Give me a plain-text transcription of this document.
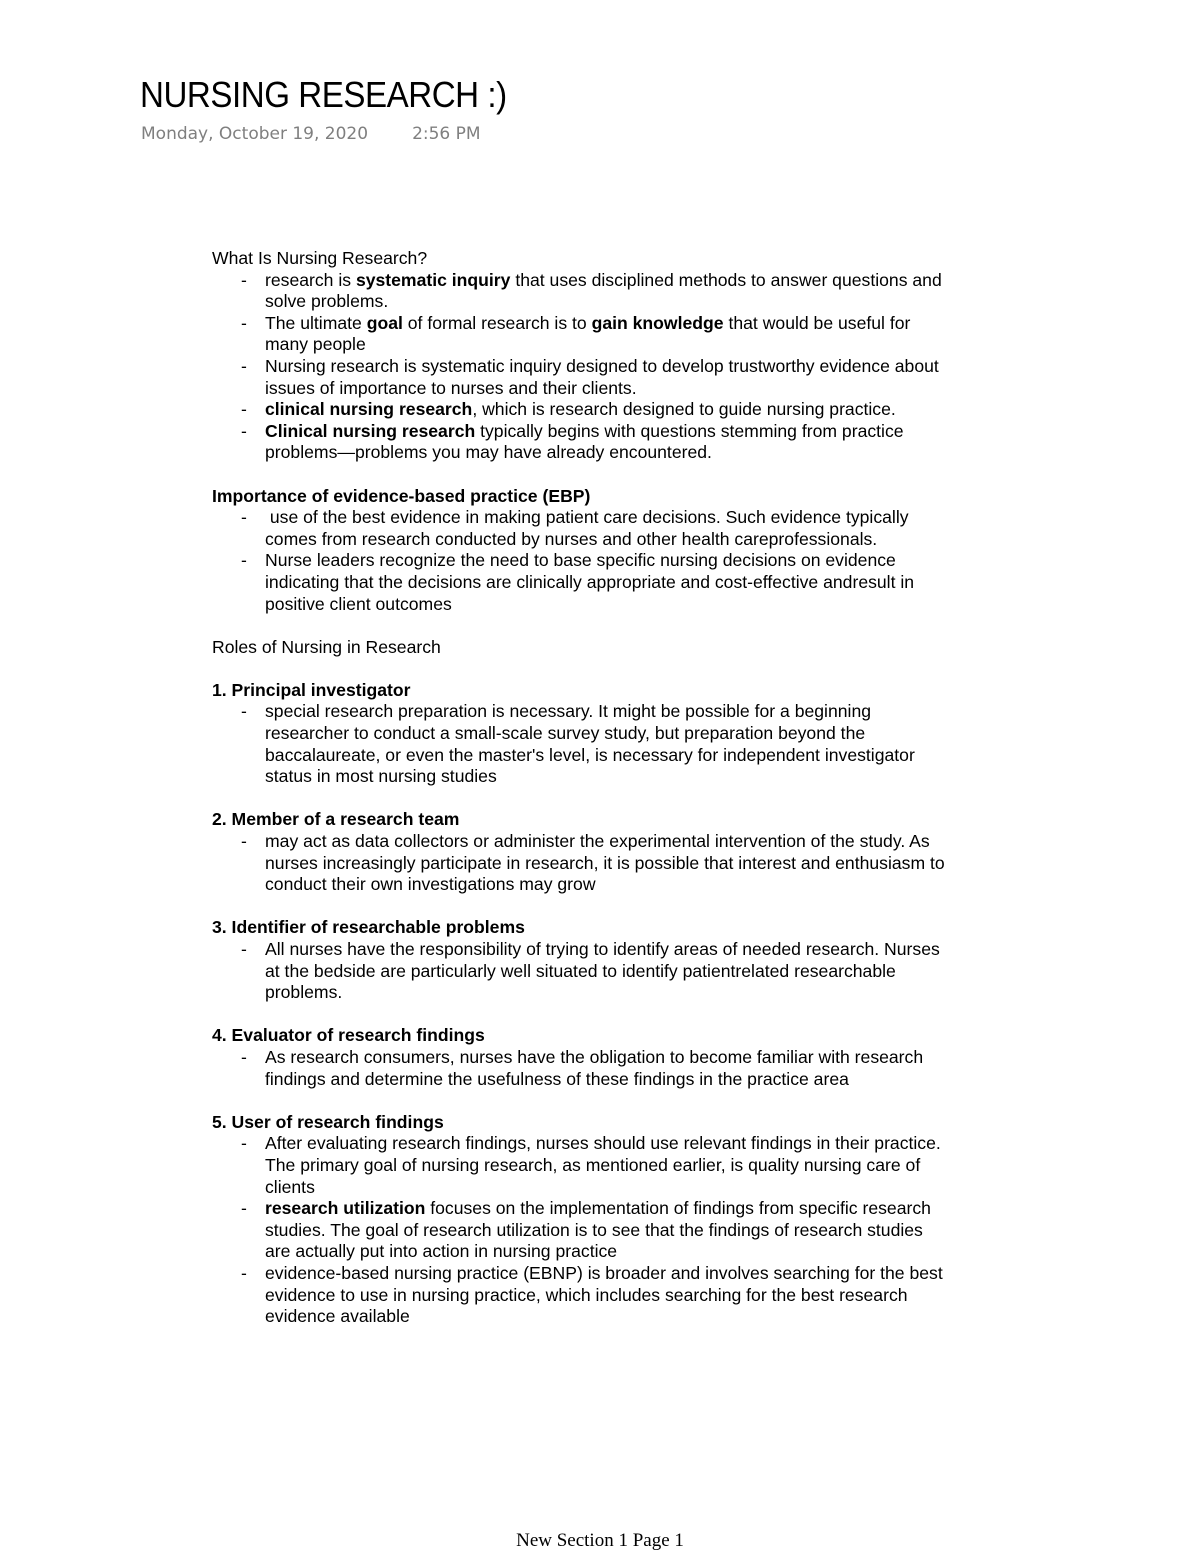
NURSING RESEARCH :)
Monday, October 19, 2020	2:56 PM

What Is Nursing Research?

- research is systematic inquiry that uses disciplined methods to answer questions and solve problems.
- The ultimate goal of formal research is to gain knowledge that would be useful for many people
- Nursing research is systematic inquiry designed to develop trustworthy evidence about issues of importance to nurses and their clients.
- clinical nursing research, which is research designed to guide nursing practice.
- Clinical nursing research typically begins with questions stemming from practice problems—problems you may have already encountered.

Importance of evidence-based practice (EBP)

-  use of the best evidence in making patient care decisions. Such evidence typically comes from research conducted by nurses and other health careprofessionals.
- Nurse leaders recognize the need to base specific nursing decisions on evidence indicating that the decisions are clinically appropriate and cost-effective andresult in positive client outcomes

Roles of Nursing in Research

1. Principal investigator

- special research preparation is necessary. It might be possible for a beginning researcher to conduct a small-scale survey study, but preparation beyond the baccalaureate, or even the master's level, is necessary for independent investigator status in most nursing studies

2. Member of a research team

- may act as data collectors or administer the experimental intervention of the study. As nurses increasingly participate in research, it is possible that interest and enthusiasm to conduct their own investigations may grow

3. Identifier of researchable problems

- All nurses have the responsibility of trying to identify areas of needed research. Nurses at the bedside are particularly well situated to identify patientrelated researchable problems.

4. Evaluator of research findings

- As research consumers, nurses have the obligation to become familiar with research findings and determine the usefulness of these findings in the practice area

5. User of research findings

- After evaluating research findings, nurses should use relevant findings in their practice. The primary goal of nursing research, as mentioned earlier, is quality nursing care of clients
- research utilization focuses on the implementation of findings from specific research studies. The goal of research utilization is to see that the findings of research studies are actually put into action in nursing practice
- evidence-based nursing practice (EBNP) is broader and involves searching for the best evidence to use in nursing practice, which includes searching for the best research evidence available
New Section 1 Page 1
